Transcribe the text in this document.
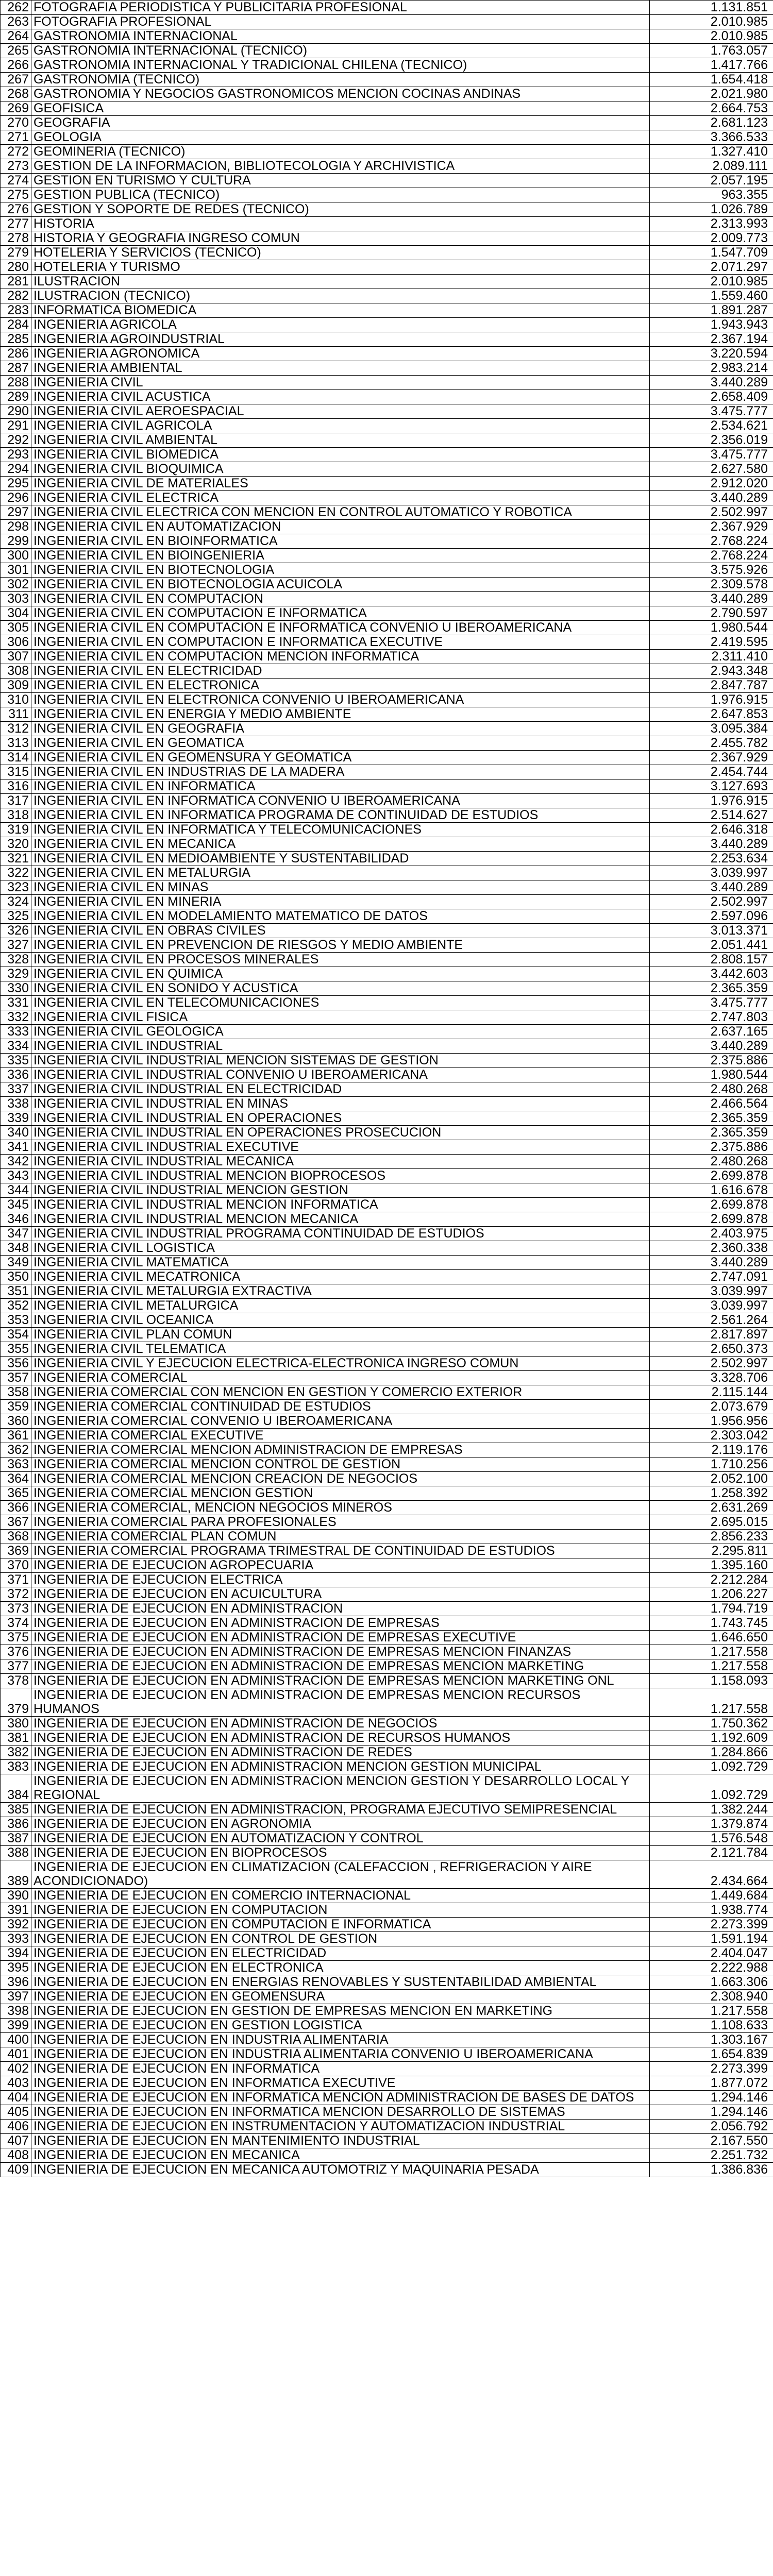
262	FOTOGRAFIA PERIODISTICA Y PUBLICITARIA PROFESIONAL	1.131.851
263	FOTOGRAFIA PROFESIONAL	2.010.985
264	GASTRONOMIA INTERNACIONAL	2.010.985
265	GASTRONOMIA INTERNACIONAL (TECNICO)	1.763.057
266	GASTRONOMIA INTERNACIONAL Y TRADICIONAL CHILENA (TECNICO)	1.417.766
267	GASTRONOMIA (TECNICO)	1.654.418
268	GASTRONOMIA Y NEGOCIOS GASTRONOMICOS MENCION COCINAS ANDINAS	2.021.980
269	GEOFISICA	2.664.753
270	GEOGRAFIA	2.681.123
271	GEOLOGIA	3.366.533
272	GEOMINERIA (TECNICO)	1.327.410
273	GESTION DE LA INFORMACION, BIBLIOTECOLOGIA Y ARCHIVISTICA	2.089.111
274	GESTION EN TURISMO Y CULTURA	2.057.195
275	GESTION PUBLICA (TECNICO)	963.355
276	GESTION Y SOPORTE DE REDES (TECNICO)	1.026.789
277	HISTORIA	2.313.993
278	HISTORIA Y GEOGRAFIA INGRESO COMUN	2.009.773
279	HOTELERIA Y SERVICIOS (TECNICO)	1.547.709
280	HOTELERIA Y TURISMO	2.071.297
281	ILUSTRACION	2.010.985
282	ILUSTRACION (TECNICO)	1.559.460
283	INFORMATICA BIOMEDICA	1.891.287
284	INGENIERIA AGRICOLA	1.943.943
285	INGENIERIA AGROINDUSTRIAL	2.367.194
286	INGENIERIA AGRONOMICA	3.220.594
287	INGENIERIA AMBIENTAL	2.983.214
288	INGENIERIA CIVIL	3.440.289
289	INGENIERIA CIVIL ACUSTICA	2.658.409
290	INGENIERIA CIVIL AEROESPACIAL	3.475.777
291	INGENIERIA CIVIL AGRICOLA	2.534.621
292	INGENIERIA CIVIL AMBIENTAL	2.356.019
293	INGENIERIA CIVIL BIOMEDICA	3.475.777
294	INGENIERIA CIVIL BIOQUIMICA	2.627.580
295	INGENIERIA CIVIL DE MATERIALES	2.912.020
296	INGENIERIA CIVIL ELECTRICA	3.440.289
297	INGENIERIA CIVIL ELECTRICA CON MENCION EN CONTROL AUTOMATICO Y ROBOTICA	2.502.997
298	INGENIERIA CIVIL EN AUTOMATIZACION	2.367.929
299	INGENIERIA CIVIL EN BIOINFORMATICA	2.768.224
300	INGENIERIA CIVIL EN BIOINGENIERIA	2.768.224
301	INGENIERIA CIVIL EN BIOTECNOLOGIA	3.575.926
302	INGENIERIA CIVIL EN BIOTECNOLOGIA ACUICOLA	2.309.578
303	INGENIERIA CIVIL EN COMPUTACION	3.440.289
304	INGENIERIA CIVIL EN COMPUTACION E INFORMATICA	2.790.597
305	INGENIERIA CIVIL EN COMPUTACION E INFORMATICA CONVENIO U IBEROAMERICANA	1.980.544
306	INGENIERIA CIVIL EN COMPUTACION E INFORMATICA EXECUTIVE	2.419.595
307	INGENIERIA CIVIL EN COMPUTACION MENCION INFORMATICA	2.311.410
308	INGENIERIA CIVIL EN ELECTRICIDAD	2.943.348
309	INGENIERIA CIVIL EN ELECTRONICA	2.847.787
310	INGENIERIA CIVIL EN ELECTRONICA CONVENIO U IBEROAMERICANA	1.976.915
311	INGENIERIA CIVIL EN ENERGIA Y MEDIO AMBIENTE	2.647.853
312	INGENIERIA CIVIL EN GEOGRAFIA	3.095.384
313	INGENIERIA CIVIL EN GEOMATICA	2.455.782
314	INGENIERIA CIVIL EN GEOMENSURA Y GEOMATICA	2.367.929
315	INGENIERIA CIVIL EN INDUSTRIAS DE LA MADERA	2.454.744
316	INGENIERIA CIVIL EN INFORMATICA	3.127.693
317	INGENIERIA CIVIL EN INFORMATICA CONVENIO U IBEROAMERICANA	1.976.915
318	INGENIERIA CIVIL EN INFORMATICA PROGRAMA DE CONTINUIDAD DE ESTUDIOS	2.514.627
319	INGENIERIA CIVIL EN INFORMATICA Y TELECOMUNICACIONES	2.646.318
320	INGENIERIA CIVIL EN MECANICA	3.440.289
321	INGENIERIA CIVIL EN MEDIOAMBIENTE Y SUSTENTABILIDAD	2.253.634
322	INGENIERIA CIVIL EN METALURGIA	3.039.997
323	INGENIERIA CIVIL EN MINAS	3.440.289
324	INGENIERIA CIVIL EN MINERIA	2.502.997
325	INGENIERIA CIVIL EN MODELAMIENTO MATEMATICO DE DATOS	2.597.096
326	INGENIERIA CIVIL EN OBRAS CIVILES	3.013.371
327	INGENIERIA CIVIL EN PREVENCION DE RIESGOS Y MEDIO AMBIENTE	2.051.441
328	INGENIERIA CIVIL EN PROCESOS MINERALES	2.808.157
329	INGENIERIA CIVIL EN QUIMICA	3.442.603
330	INGENIERIA CIVIL EN SONIDO Y ACUSTICA	2.365.359
331	INGENIERIA CIVIL EN TELECOMUNICACIONES	3.475.777
332	INGENIERIA CIVIL FISICA	2.747.803
333	INGENIERIA CIVIL GEOLOGICA	2.637.165
334	INGENIERIA CIVIL INDUSTRIAL	3.440.289
335	INGENIERIA CIVIL INDUSTRIAL MENCION SISTEMAS DE GESTION	2.375.886
336	INGENIERIA CIVIL INDUSTRIAL CONVENIO U IBEROAMERICANA	1.980.544
337	INGENIERIA CIVIL INDUSTRIAL EN ELECTRICIDAD	2.480.268
338	INGENIERIA CIVIL INDUSTRIAL EN MINAS	2.466.564
339	INGENIERIA CIVIL INDUSTRIAL EN OPERACIONES	2.365.359
340	INGENIERIA CIVIL INDUSTRIAL EN OPERACIONES PROSECUCION	2.365.359
341	INGENIERIA CIVIL INDUSTRIAL EXECUTIVE	2.375.886
342	INGENIERIA CIVIL INDUSTRIAL MECANICA	2.480.268
343	INGENIERIA CIVIL INDUSTRIAL MENCION BIOPROCESOS	2.699.878
344	INGENIERIA CIVIL INDUSTRIAL MENCION GESTION	1.616.678
345	INGENIERIA CIVIL INDUSTRIAL MENCION INFORMATICA	2.699.878
346	INGENIERIA CIVIL INDUSTRIAL MENCION MECANICA	2.699.878
347	INGENIERIA CIVIL INDUSTRIAL PROGRAMA CONTINUIDAD DE ESTUDIOS	2.403.975
348	INGENIERIA CIVIL LOGISTICA	2.360.338
349	INGENIERIA CIVIL MATEMATICA	3.440.289
350	INGENIERIA CIVIL MECATRONICA	2.747.091
351	INGENIERIA CIVIL METALURGIA EXTRACTIVA	3.039.997
352	INGENIERIA CIVIL METALURGICA	3.039.997
353	INGENIERIA CIVIL OCEANICA	2.561.264
354	INGENIERIA CIVIL PLAN COMUN	2.817.897
355	INGENIERIA CIVIL TELEMATICA	2.650.373
356	INGENIERIA CIVIL Y EJECUCION ELECTRICA-ELECTRONICA INGRESO COMUN	2.502.997
357	INGENIERIA COMERCIAL	3.328.706
358	INGENIERIA COMERCIAL CON MENCION EN GESTION Y COMERCIO EXTERIOR	2.115.144
359	INGENIERIA COMERCIAL CONTINUIDAD DE ESTUDIOS	2.073.679
360	INGENIERIA COMERCIAL CONVENIO U IBEROAMERICANA	1.956.956
361	INGENIERIA COMERCIAL EXECUTIVE	2.303.042
362	INGENIERIA COMERCIAL MENCION ADMINISTRACION DE EMPRESAS	2.119.176
363	INGENIERIA COMERCIAL MENCION CONTROL DE GESTION	1.710.256
364	INGENIERIA COMERCIAL MENCION CREACION DE NEGOCIOS	2.052.100
365	INGENIERIA COMERCIAL MENCION GESTION	1.258.392
366	INGENIERIA COMERCIAL, MENCION NEGOCIOS MINEROS	2.631.269
367	INGENIERIA COMERCIAL PARA PROFESIONALES	2.695.015
368	INGENIERIA COMERCIAL PLAN COMUN	2.856.233
369	INGENIERIA COMERCIAL PROGRAMA TRIMESTRAL DE CONTINUIDAD DE ESTUDIOS	2.295.811
370	INGENIERIA DE EJECUCION AGROPECUARIA	1.395.160
371	INGENIERIA DE EJECUCION ELECTRICA	2.212.284
372	INGENIERIA DE EJECUCION EN ACUICULTURA	1.206.227
373	INGENIERIA DE EJECUCION EN ADMINISTRACION	1.794.719
374	INGENIERIA DE EJECUCION EN ADMINISTRACION DE EMPRESAS	1.743.745
375	INGENIERIA DE EJECUCION EN ADMINISTRACION DE EMPRESAS EXECUTIVE	1.646.650
376	INGENIERIA DE EJECUCION EN ADMINISTRACION DE EMPRESAS MENCION FINANZAS	1.217.558
377	INGENIERIA DE EJECUCION EN ADMINISTRACION DE EMPRESAS MENCION MARKETING	1.217.558
378	INGENIERIA DE EJECUCION EN ADMINISTRACION DE EMPRESAS MENCION MARKETING ONL	1.158.093
379	INGENIERIA DE EJECUCION EN ADMINISTRACION DE EMPRESAS MENCION RECURSOS HUMANOS	1.217.558
380	INGENIERIA DE EJECUCION EN ADMINISTRACION DE NEGOCIOS	1.750.362
381	INGENIERIA DE EJECUCION EN ADMINISTRACION DE RECURSOS HUMANOS	1.192.609
382	INGENIERIA DE EJECUCION EN ADMINISTRACION DE REDES	1.284.866
383	INGENIERIA DE EJECUCION EN ADMINISTRACION MENCION GESTION MUNICIPAL	1.092.729
384	INGENIERIA DE EJECUCION EN ADMINISTRACION MENCION GESTION Y DESARROLLO LOCAL Y REGIONAL	1.092.729
385	INGENIERIA DE EJECUCION EN ADMINISTRACION, PROGRAMA EJECUTIVO SEMIPRESENCIAL	1.382.244
386	INGENIERIA DE EJECUCION EN AGRONOMIA	1.379.874
387	INGENIERIA DE EJECUCION EN AUTOMATIZACION Y CONTROL	1.576.548
388	INGENIERIA DE EJECUCION EN BIOPROCESOS	2.121.784
389	INGENIERIA DE EJECUCION EN CLIMATIZACION (CALEFACCION , REFRIGERACION Y AIRE ACONDICIONADO)	2.434.664
390	INGENIERIA DE EJECUCION EN COMERCIO INTERNACIONAL	1.449.684
391	INGENIERIA DE EJECUCION EN COMPUTACION	1.938.774
392	INGENIERIA DE EJECUCION EN COMPUTACION E INFORMATICA	2.273.399
393	INGENIERIA DE EJECUCION EN CONTROL DE GESTION	1.591.194
394	INGENIERIA DE EJECUCION EN ELECTRICIDAD	2.404.047
395	INGENIERIA DE EJECUCION EN ELECTRONICA	2.222.988
396	INGENIERIA DE EJECUCION EN ENERGIAS RENOVABLES Y SUSTENTABILIDAD AMBIENTAL	1.663.306
397	INGENIERIA DE EJECUCION EN GEOMENSURA	2.308.940
398	INGENIERIA DE EJECUCION EN GESTION DE EMPRESAS MENCION EN MARKETING	1.217.558
399	INGENIERIA DE EJECUCION EN GESTION LOGISTICA	1.108.633
400	INGENIERIA DE EJECUCION EN INDUSTRIA ALIMENTARIA	1.303.167
401	INGENIERIA DE EJECUCION EN INDUSTRIA ALIMENTARIA CONVENIO U IBEROAMERICANA	1.654.839
402	INGENIERIA DE EJECUCION EN INFORMATICA	2.273.399
403	INGENIERIA DE EJECUCION EN INFORMATICA EXECUTIVE	1.877.072
404	INGENIERIA DE EJECUCION EN INFORMATICA MENCION ADMINISTRACION DE BASES DE DATOS	1.294.146
405	INGENIERIA DE EJECUCION EN INFORMATICA MENCION DESARROLLO DE SISTEMAS	1.294.146
406	INGENIERIA DE EJECUCION EN INSTRUMENTACION Y AUTOMATIZACION INDUSTRIAL	2.056.792
407	INGENIERIA DE EJECUCION EN MANTENIMIENTO INDUSTRIAL	2.167.550
408	INGENIERIA DE EJECUCION EN MECANICA	2.251.732
409	INGENIERIA DE EJECUCION EN MECANICA AUTOMOTRIZ Y MAQUINARIA PESADA	1.386.836
